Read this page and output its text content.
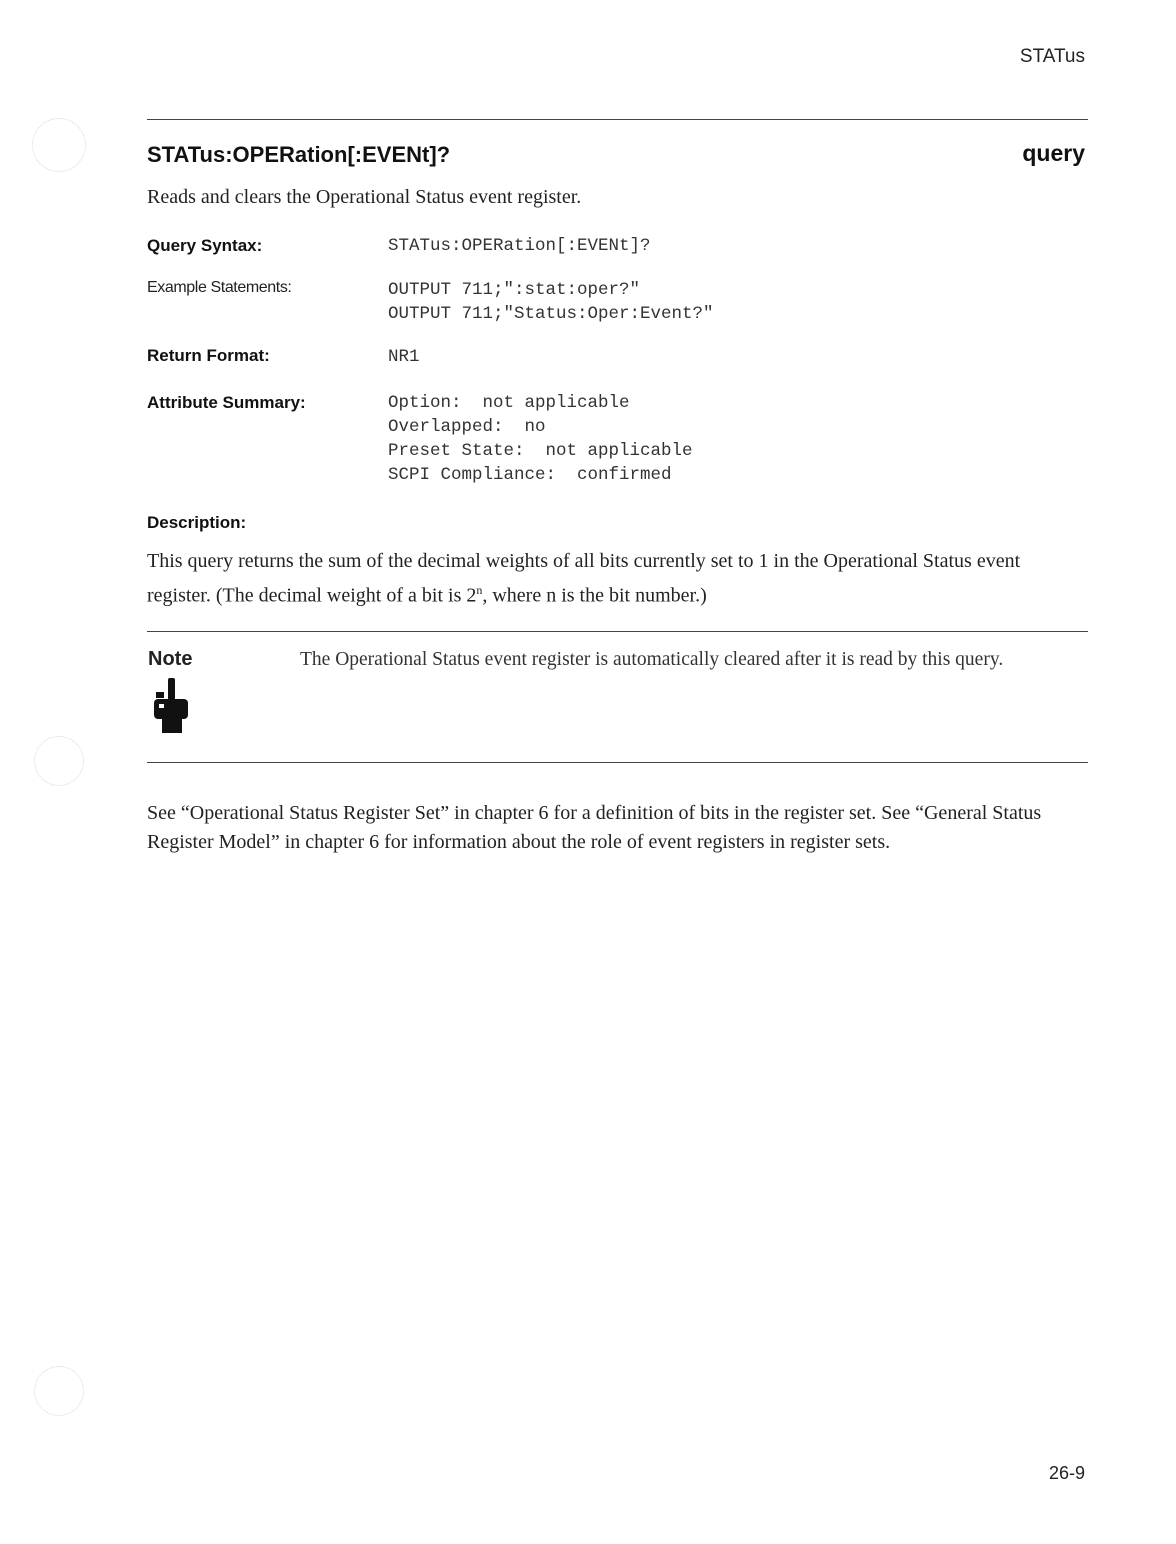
STATus
STATus:OPERation[:EVENt]?	query
Reads and clears the Operational Status event register.
Query Syntax:	STATus:OPERation[:EVENt]?
Example Statements:	OUTPUT 711;":stat:oper?"
OUTPUT 711;"Status:Oper:Event?"
Return Format:	NR1
Attribute Summary:	Option:  not applicable
Overlapped:  no
Preset State:  not applicable
SCPI Compliance:  confirmed
Description:
This query returns the sum of the decimal weights of all bits currently set to 1 in the Operational Status event register. (The decimal weight of a bit is 2$^n$, where n is the bit number.)
Note	The Operational Status event register is automatically cleared after it is read by this query.
See “Operational Status Register Set” in chapter 6 for a definition of bits in the register set. See “General Status Register Model” in chapter 6 for information about the role of event registers in register sets.
26-9
